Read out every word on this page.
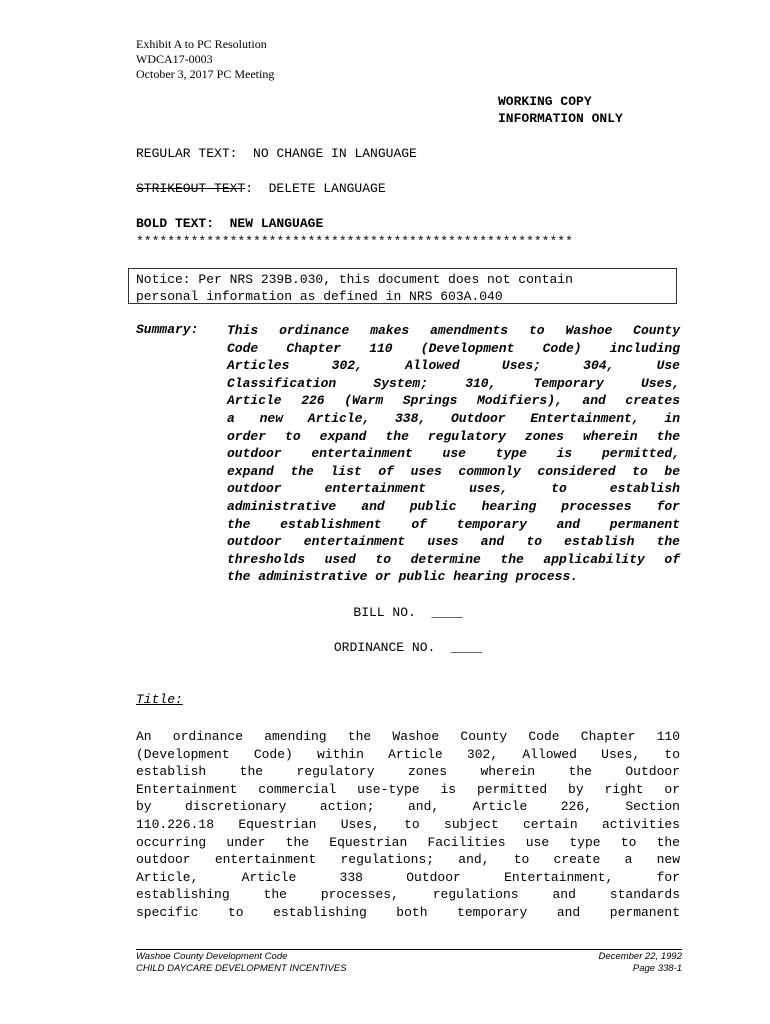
Exhibit A to PC Resolution
WDCA17-0003
October 3, 2017 PC Meeting
WORKING COPY
INFORMATION ONLY
REGULAR TEXT: NO CHANGE IN LANGUAGE
STRIKEOUT TEXT:  DELETE LANGUAGE
BOLD TEXT: NEW LANGUAGE
********************************************************
Notice: Per NRS 239B.030, this document does not contain
personal information as defined in NRS 603A.040
Summary: This ordinance makes amendments to Washoe County
Code Chapter 110 (Development Code) including
Articles 302, Allowed Uses; 304, Use
Classification System; 310, Temporary Uses,
Article 226 (Warm Springs Modifiers), and creates
a new Article, 338, Outdoor Entertainment, in
order to expand the regulatory zones wherein the
outdoor entertainment use type is permitted,
expand the list of uses commonly considered to be
outdoor entertainment uses, to establish
administrative and public hearing processes for
the establishment of temporary and permanent
outdoor entertainment uses and to establish the
thresholds used to determine the applicability of
the administrative or public hearing process.
BILL NO.  ____
ORDINANCE NO.  ____
Title:
An ordinance amending the Washoe County Code Chapter 110
(Development Code) within Article 302, Allowed Uses, to
establish the regulatory zones wherein the Outdoor
Entertainment commercial use-type is permitted by right or
by discretionary action; and, Article 226, Section
110.226.18 Equestrian Uses, to subject certain activities
occurring under the Equestrian Facilities use type to the
outdoor entertainment regulations; and, to create a new
Article, Article 338 Outdoor Entertainment, for
establishing the processes, regulations and standards
specific to establishing both temporary and permanent
Washoe County Development Code
CHILD DAYCARE DEVELOPMENT INCENTIVES
December 22, 1992
Page 338-1
